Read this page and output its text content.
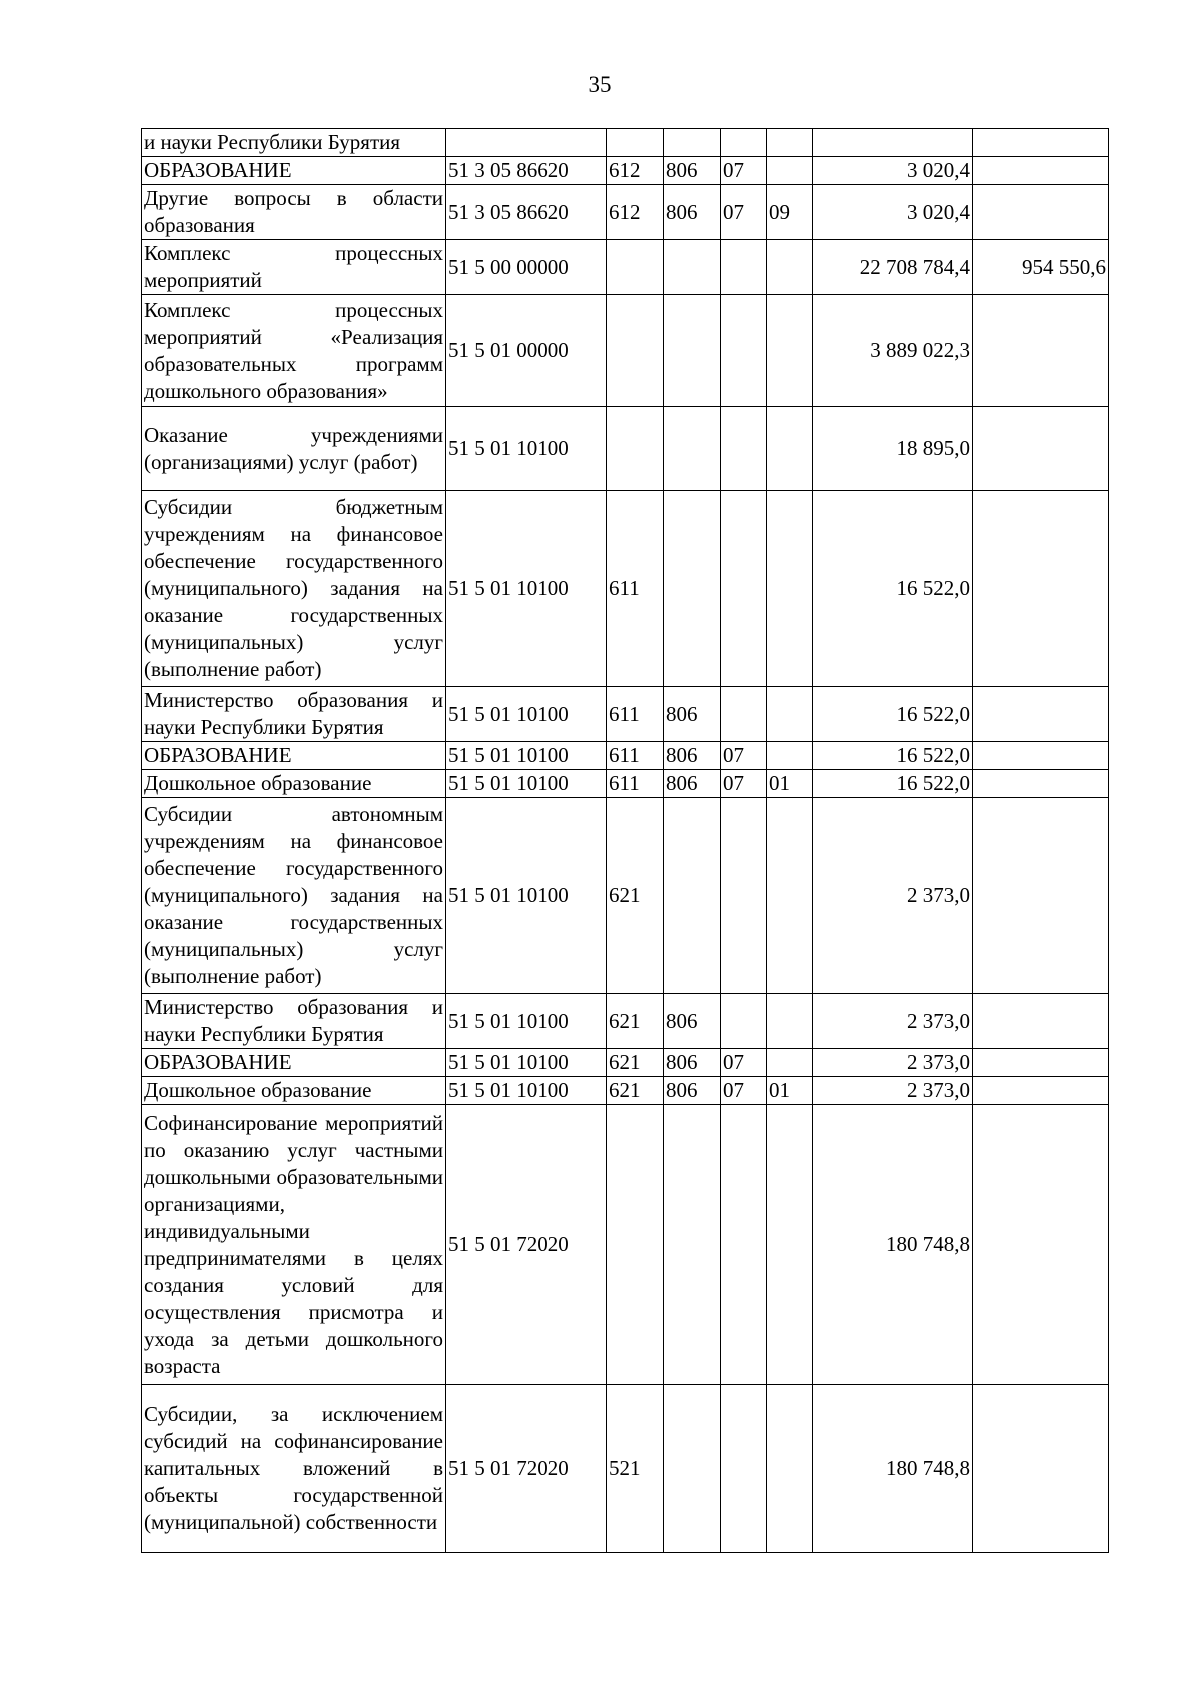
35
и науки Республики Бурятия							
ОБРАЗОВАНИЕ	51 3 05 86620	612	806	07		3 020,4	
Другие вопросы в области образования	51 3 05 86620	612	806	07	09	3 020,4	
Комплекс процессных мероприятий	51 5 00 00000					22 708 784,4	954 550,6
Комплекс процессных мероприятий «Реализация образовательных программ дошкольного образования»	51 5 01 00000					3 889 022,3	
Оказание учреждениями (организациями) услуг (работ)	51 5 01 10100					18 895,0	
Субсидии бюджетным учреждениям на финансовое обеспечение государственного (муниципального) задания на оказание государственных (муниципальных) услуг (выполнение работ)	51 5 01 10100	611				16 522,0	
Министерство образования и науки Республики Бурятия	51 5 01 10100	611	806			16 522,0	
ОБРАЗОВАНИЕ	51 5 01 10100	611	806	07		16 522,0	
Дошкольное образование	51 5 01 10100	611	806	07	01	16 522,0	
Субсидии автономным учреждениям на финансовое обеспечение государственного (муниципального) задания на оказание государственных (муниципальных) услуг (выполнение работ)	51 5 01 10100	621				2 373,0	
Министерство образования и науки Республики Бурятия	51 5 01 10100	621	806			2 373,0	
ОБРАЗОВАНИЕ	51 5 01 10100	621	806	07		2 373,0	
Дошкольное образование	51 5 01 10100	621	806	07	01	2 373,0	
Софинансирование мероприятий по оказанию услуг частными дошкольными образовательными организациями, индивидуальными предпринимателями в целях создания условий для осуществления присмотра и ухода за детьми дошкольного возраста	51 5 01 72020					180 748,8	
Субсидии, за исключением субсидий на софинансирование капитальных вложений в объекты государственной (муниципальной) собственности	51 5 01 72020	521				180 748,8	
